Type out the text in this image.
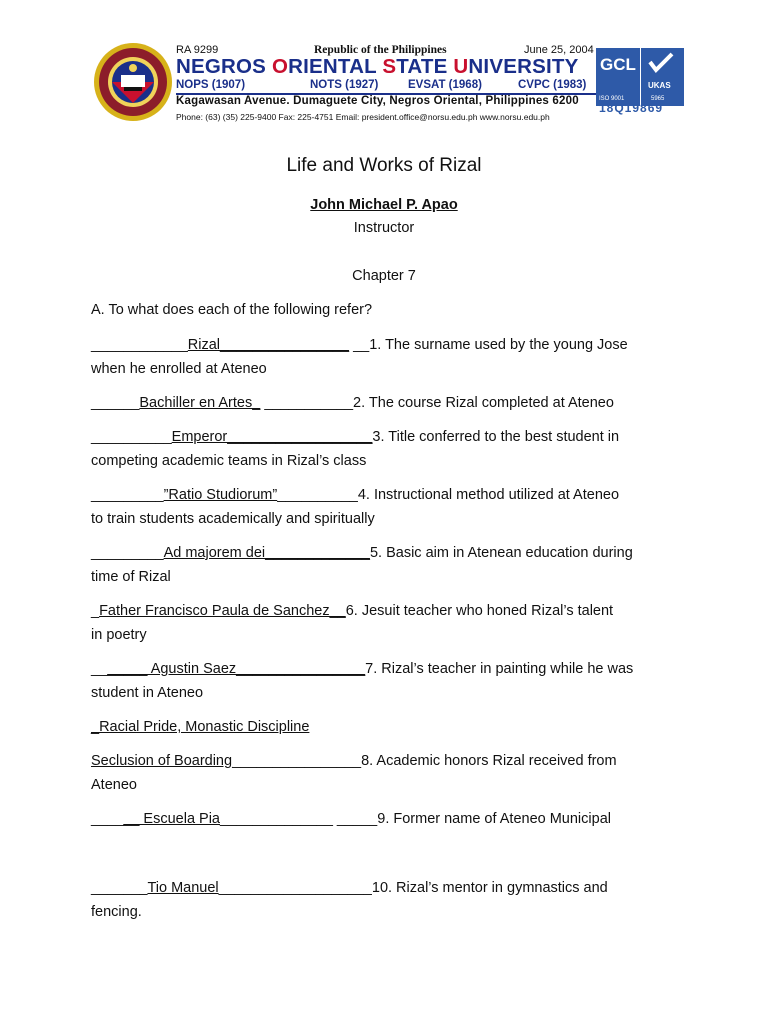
RA 9299	Republic of the Philippines	June 25, 2004
NEGROS ORIENTAL STATE UNIVERSITY
NOPS (1907)	NOTS (1927)	EVSAT (1968)	CVPC (1983)
Kagawasan Avenue. Dumaguete City, Negros Oriental, Philippines 6200
Phone: (63) (35) 225-9400 Fax: 225-4751 Email: president.office@norsu.edu.ph www.norsu.edu.ph
GCL
ISO 9001
UKAS
5965
18Q19869
Life and Works of Rizal
John Michael P. Apao
Instructor
Chapter 7
A. To what does each of the following refer?
____________Rizal________________ __1. The surname used by the young Jose
when he enrolled at Ateneo
______Bachiller en Artes_ ___________2. The course Rizal completed at Ateneo
__________Emperor__________________3. Title conferred to the best student in
competing academic teams in Rizal’s class
_________”Ratio Studiorum”__________4. Instructional method utilized at Ateneo
to train students academically and spiritually
_________Ad majorem dei_____________5. Basic aim in Atenean education during
time of Rizal
_Father Francisco Paula de Sanchez__6. Jesuit teacher who honed Rizal’s talent
in poetry
_______ Agustin Saez________________7. Rizal’s teacher in painting while he was
student in Ateneo
_Racial Pride, Monastic Discipline
Seclusion of Boarding________________8. Academic honors Rizal received from
Ateneo
______ Escuela Pia______________ _____9. Former name of Ateneo Municipal
_______Tio Manuel___________________10. Rizal’s mentor in gymnastics and
fencing.
